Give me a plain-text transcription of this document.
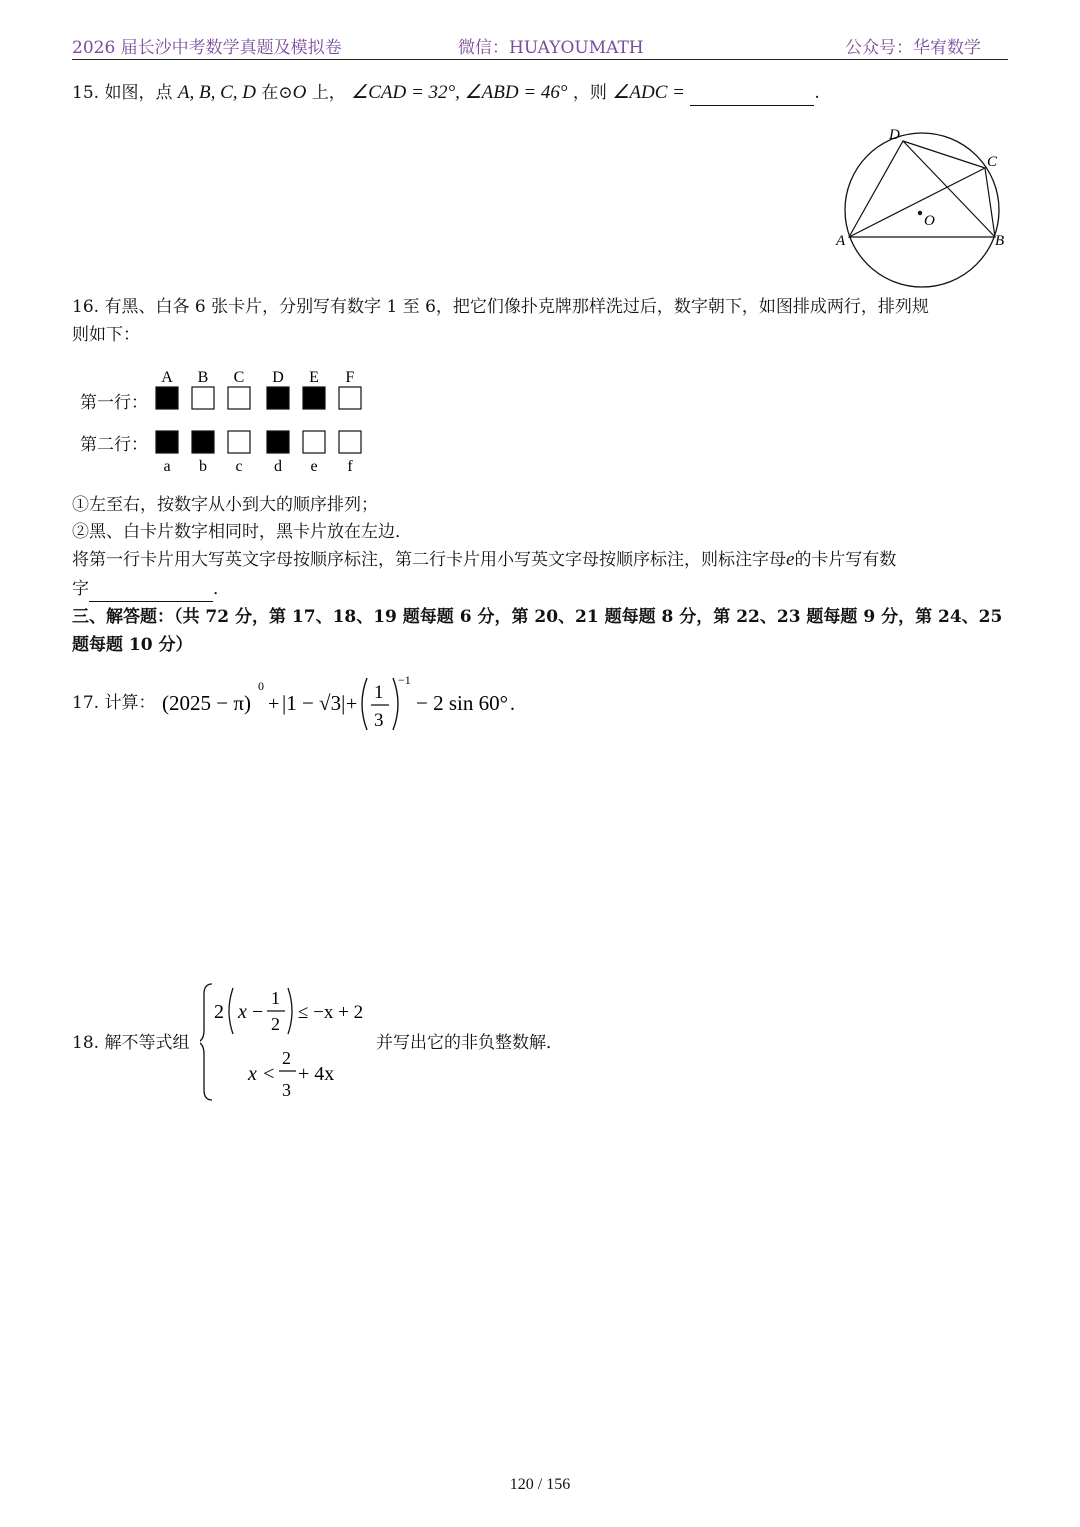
2026 届长沙中考数学真题及模拟卷	微信：HUAYOUMATH	公众号：华宥数学
15. 如图，点 A, B, C, D 在⊙O 上， ∠CAD = 32°, ∠ABD = 46° ，则 ∠ADC =	.
D
C
O
A	B
16. 有黑、白各 6 张卡片，分别写有数字 1 至 6，把它们像扑克牌那样洗过后，数字朝下，如图排成两行，排列规
则如下：
第一行：
第二行：
A B C D E F
a b c d e f
①左至右，按数字从小到大的顺序排列；
②黑、白卡片数字相同时，黑卡片放在左边．
将第一行卡片用大写英文字母按顺序标注，第二行卡片用小写英文字母按顺序标注，则标注字母e的卡片写有数
字	．
三、解答题：（共 72 分，第 17、18、19 题每题 6 分，第 20、21 题每题 8 分，第 22、23 题每题 9 分，第 24、25
题每题 10 分）
17. 计算： (2025 − π)
0
+ |1 − √3| +
1
3
−1
− 2 sin 60° .
18. 解不等式组
2 x −
1
2
≤ −x + 2
x <
2
3
+ 4x
并写出它的非负整数解．
120 / 156
